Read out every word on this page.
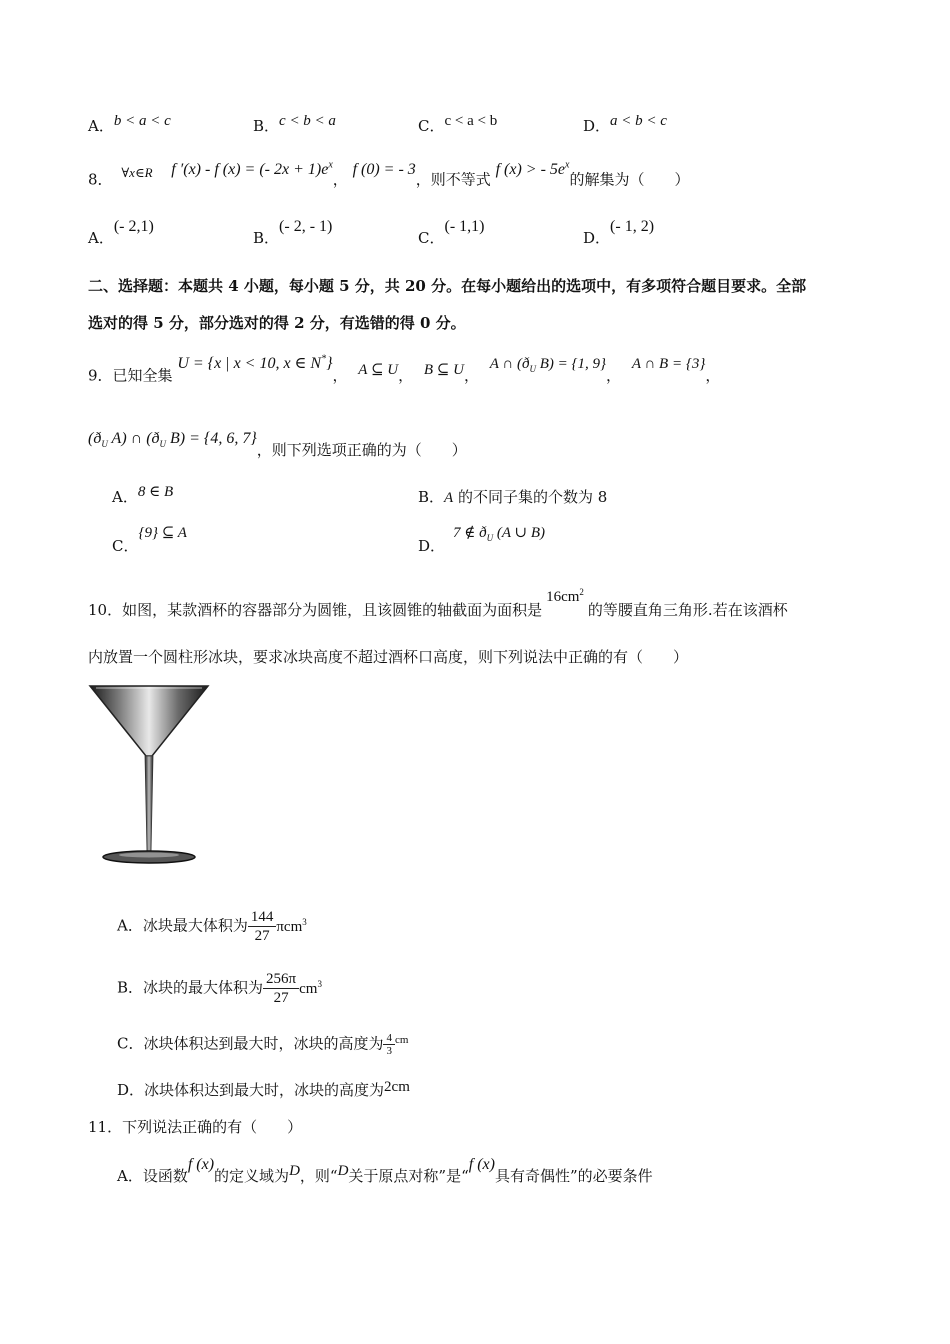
A．b < a < c	B．c < b < a	C．c < a < b	D．a < b < c
8． ∀x∈R f ′(x) - f (x) = (- $2x + 1)e^x$， f (0) = - 3，则不等式 f (x) > - $5e^x$的解集为（　　）
A．(- 2,1)
B．(- 2, - 1)
C．(- 1,1)
D．(- 1, 2)
二、选择题：本题共 4 小题，每小题 5 分，共 20 分。在每小题给出的选项中，有多项符合题目要求。全部
选对的得 5 分，部分选对的得 2 分，有选错的得 0 分。
9．已知全集 U = {x | x < 10, x ∈ N*}， A ⊆ U， B ⊆ U， A ∩ ($ð_U$ B) = {1, 9}， A ∩ B = {3}，
($ð_U$ A) ∩ ($ð_U$ B) = {4, 6, 7}，则下列选项正确的为（　　）
A．8 ∈ B	B．A 的不同子集的个数为 8
C．{9} ⊆ A
D．7 ∉ $ð_U$ (A ∪ B)
10．如图，某款酒杯的容器部分为圆锥，且该圆锥的轴截面为面积是$16cm^2$的等腰直角三角形.若在该酒杯
内放置一个圆柱形冰块，要求冰块高度不超过酒杯口高度，则下列说法中正确的有（　　）
A．冰块最大体积为 $\frac{144}{27} \pi cm^3$
B．冰块的最大体积为 $\frac{256\pi}{27} cm^3$
C．冰块体积达到最大时，冰块的高度为 $\frac{4}{3} ^{cm}$
D．冰块体积达到最大时，冰块的高度为2cm
11．下列说法正确的有（　　）
A．设函数f (x)的定义域为D，则“D关于原点对称”是“f (x)具有奇偶性”的必要条件
